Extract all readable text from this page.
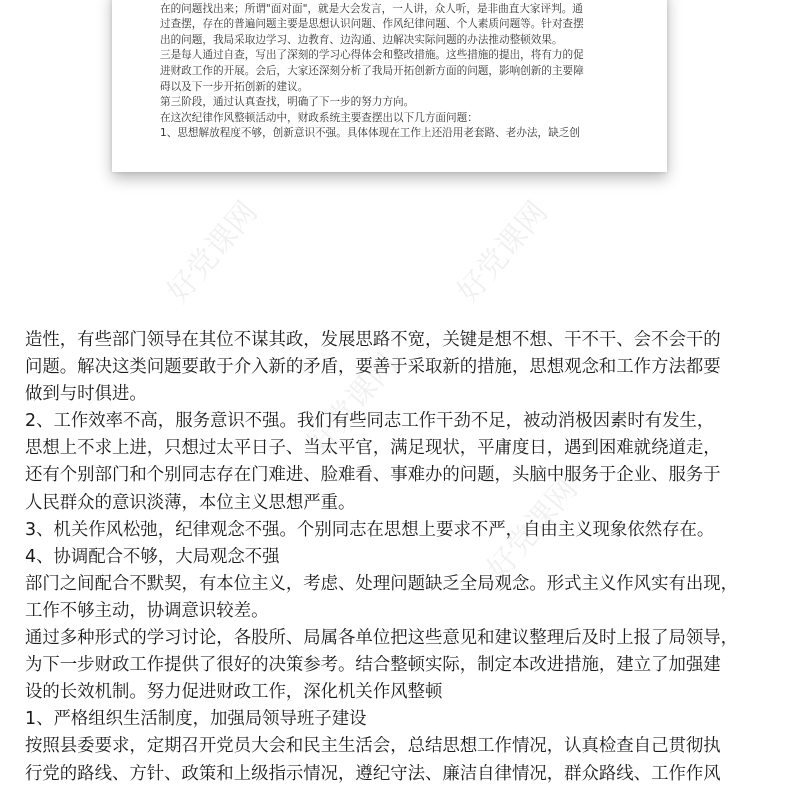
在的问题找出来；所谓"面对面"，就是大会发言，一人讲，众人听，是非曲直大家评判。通
过查摆，存在的普遍问题主要是思想认识问题、作风纪律问题、个人素质问题等。针对查摆
出的问题，我局采取边学习、边教育、边沟通、边解决实际问题的办法推动整顿效果。
三是每人通过自查，写出了深刻的学习心得体会和整改措施。这些措施的提出，将有力的促
进财政工作的开展。会后，大家还深刻分析了我局开拓创新方面的问题，影响创新的主要障
碍以及下一步开拓创新的建议。
第三阶段，通过认真查找，明确了下一步的努力方向。
在这次纪律作风整顿活动中，财政系统主要查摆出以下几方面问题：
1、思想解放程度不够，创新意识不强。具体体现在工作上还沿用老套路、老办法，缺乏创
好党课网	好党课网
好党课网
好党课网
造性，有些部门领导在其位不谋其政，发展思路不宽，关键是想不想、干不干、会不会干的
问题。解决这类问题要敢于介入新的矛盾，要善于采取新的措施，思想观念和工作方法都要
做到与时俱进。
2、工作效率不高，服务意识不强。我们有些同志工作干劲不足，被动消极因素时有发生，
思想上不求上进，只想过太平日子、当太平官，满足现状，平庸度日，遇到困难就绕道走，
还有个别部门和个别同志存在门难进、脸难看、事难办的问题，头脑中服务于企业、服务于
人民群众的意识淡薄，本位主义思想严重。
3、机关作风松弛，纪律观念不强。个别同志在思想上要求不严，自由主义现象依然存在。
4、协调配合不够，大局观念不强
部门之间配合不默契，有本位主义，考虑、处理问题缺乏全局观念。形式主义作风实有出现，
工作不够主动，协调意识较差。
通过多种形式的学习讨论，各股所、局属各单位把这些意见和建议整理后及时上报了局领导，
为下一步财政工作提供了很好的决策参考。结合整顿实际，制定本改进措施，建立了加强建
设的长效机制。努力促进财政工作，深化机关作风整顿
1、严格组织生活制度，加强局领导班子建设
按照县委要求，定期召开党员大会和民主生活会，总结思想工作情况，认真检查自己贯彻执
行党的路线、方针、政策和上级指示情况，遵纪守法、廉洁自律情况，群众路线、工作作风
